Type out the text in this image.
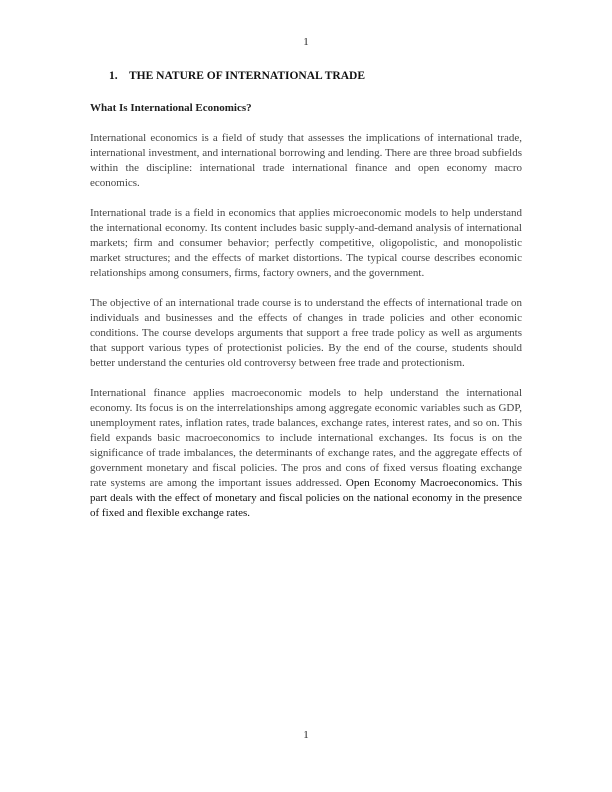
1
1. THE NATURE OF INTERNATIONAL TRADE

What Is International Economics?

International economics is a field of study that assesses the implications of international trade, international investment, and international borrowing and lending. There are three broad subfields within the discipline: international trade international finance and open economy macro economics.

International trade is a field in economics that applies microeconomic models to help understand the international economy. Its content includes basic supply-and-demand analysis of international markets; firm and consumer behavior; perfectly competitive, oligopolistic, and monopolistic market structures; and the effects of market distortions. The typical course describes economic relationships among consumers, firms, factory owners, and the government.

The objective of an international trade course is to understand the effects of international trade on individuals and businesses and the effects of changes in trade policies and other economic conditions. The course develops arguments that support a free trade policy as well as arguments that support various types of protectionist policies. By the end of the course, students should better understand the centuries old controversy between free trade and protectionism.

International finance applies macroeconomic models to help understand the international economy. Its focus is on the interrelationships among aggregate economic variables such as GDP, unemployment rates, inflation rates, trade balances, exchange rates, interest rates, and so on. This field expands basic macroeconomics to include international exchanges. Its focus is on the significance of trade imbalances, the determinants of exchange rates, and the aggregate effects of government monetary and fiscal policies. The pros and cons of fixed versus floating exchange rate systems are among the important issues addressed. Open Economy Macroeconomics. This part deals with the effect of monetary and fiscal policies on the national economy in the presence of fixed and flexible exchange rates.

1
